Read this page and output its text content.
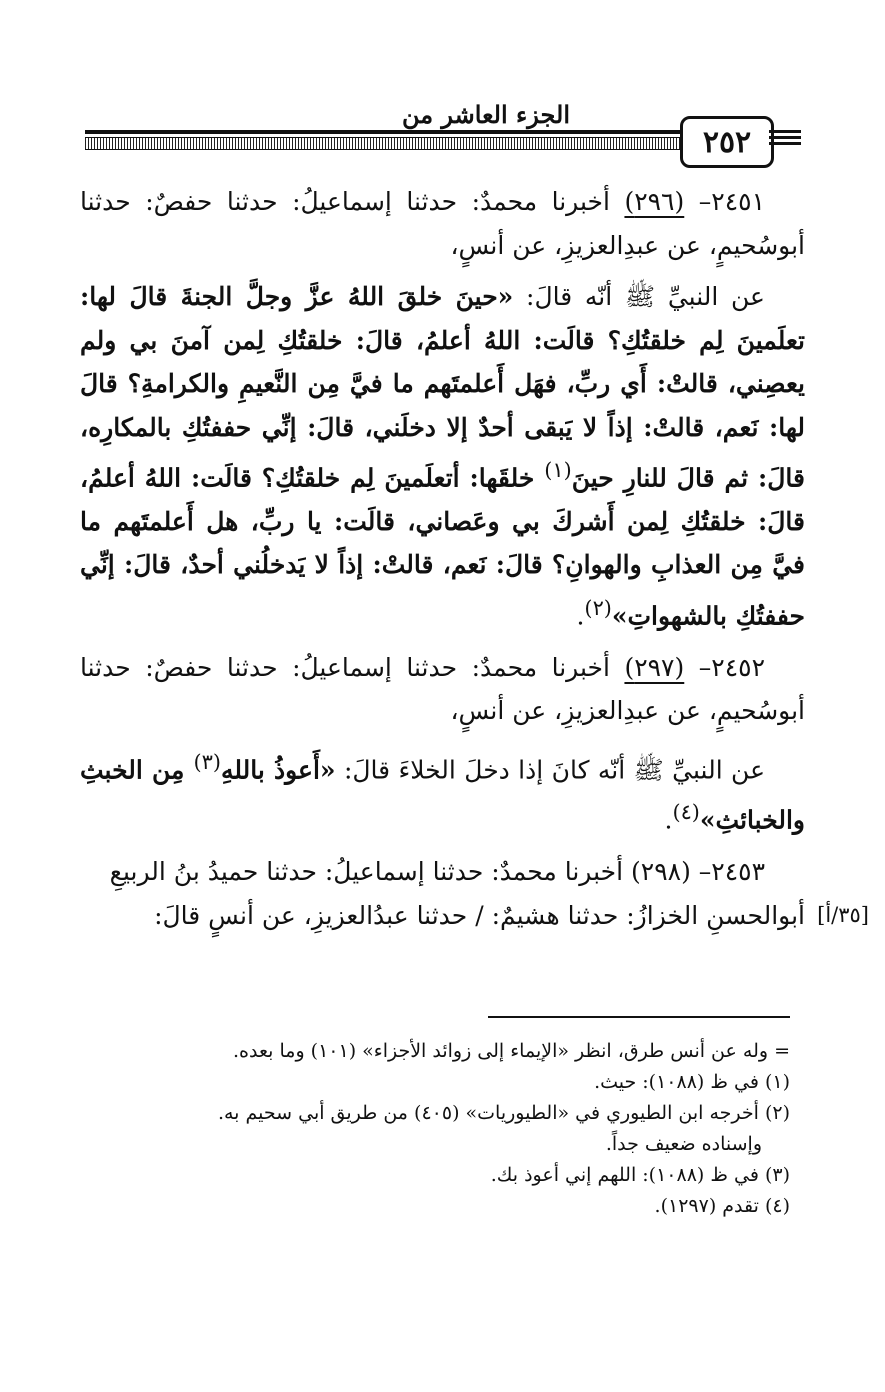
الجزء العاشر من
٢٥٢

٢٤٥١– (٢٩٦) أخبرنا محمدٌ: حدثنا إسماعيلُ: حدثنا حفصٌ: حدثنا أبوسُحيمٍ، عن عبدِالعزيزِ، عن أنسٍ،

عن النبيِّ ﷺ أنّه قالَ: «حينَ خلقَ اللهُ عزَّ وجلَّ الجنةَ قالَ لها: تعلَمينَ لِم خلقتُكِ؟ قالَت: اللهُ أعلمُ، قالَ: خلقتُكِ لِمن آمنَ بي ولم يعصِني، قالتْ: أَي ربِّ، فهَل أَعلمتَهم ما فيَّ مِن النَّعيمِ والكرامةِ؟ قالَ لها: نَعم، قالتْ: إذاً لا يَبقى أحدٌ إلا دخلَني، قالَ: إنِّي حففتُكِ بالمكارِه، قالَ: ثم قالَ للنارِ حينَ$^{(١)}$ خلقَها: أتعلَمينَ لِم خلقتُكِ؟ قالَت: اللهُ أعلمُ، قالَ: خلقتُكِ لِمن أَشركَ بي وعَصاني، قالَت: يا ربِّ، هل أَعلمتَهم ما فيَّ مِن العذابِ والهوانِ؟ قالَ: نَعم، قالتْ: إذاً لا يَدخلُني أحدٌ، قالَ: إنِّي حففتُكِ بالشهواتِ»$^{(٢)}$.

٢٤٥٢– (٢٩٧) أخبرنا محمدٌ: حدثنا إسماعيلُ: حدثنا حفصٌ: حدثنا أبوسُحيمٍ، عن عبدِالعزيزِ، عن أنسٍ،

عن النبيِّ ﷺ أنّه كانَ إذا دخلَ الخلاءَ قالَ: «أَعوذُ باللهِ$^{(٣)}$ مِن الخبثِ والخبائثِ»$^{(٤)}$.

٢٤٥٣– (٢٩٨) أخبرنا محمدٌ: حدثنا إسماعيلُ: حدثنا حميدُ بنُ الربيعِ

أبوالحسنِ الخزازُ: حدثنا هشيمٌ: / حدثنا عبدُالعزيزِ، عن أنسٍ قالَ: [٣٥/أ]

= وله عن أنس طرق، انظر «الإيماء إلى زوائد الأجزاء» (١٠١) وما بعده.

(١) في ظ (١٠٨٨): حيث.

(٢) أخرجه ابن الطيوري في «الطيوريات» (٤٠٥) من طريق أبي سحيم به.

وإسناده ضعيف جداً.

(٣) في ظ (١٠٨٨): اللهم إني أعوذ بك.

(٤) تقدم (١٢٩٧).
